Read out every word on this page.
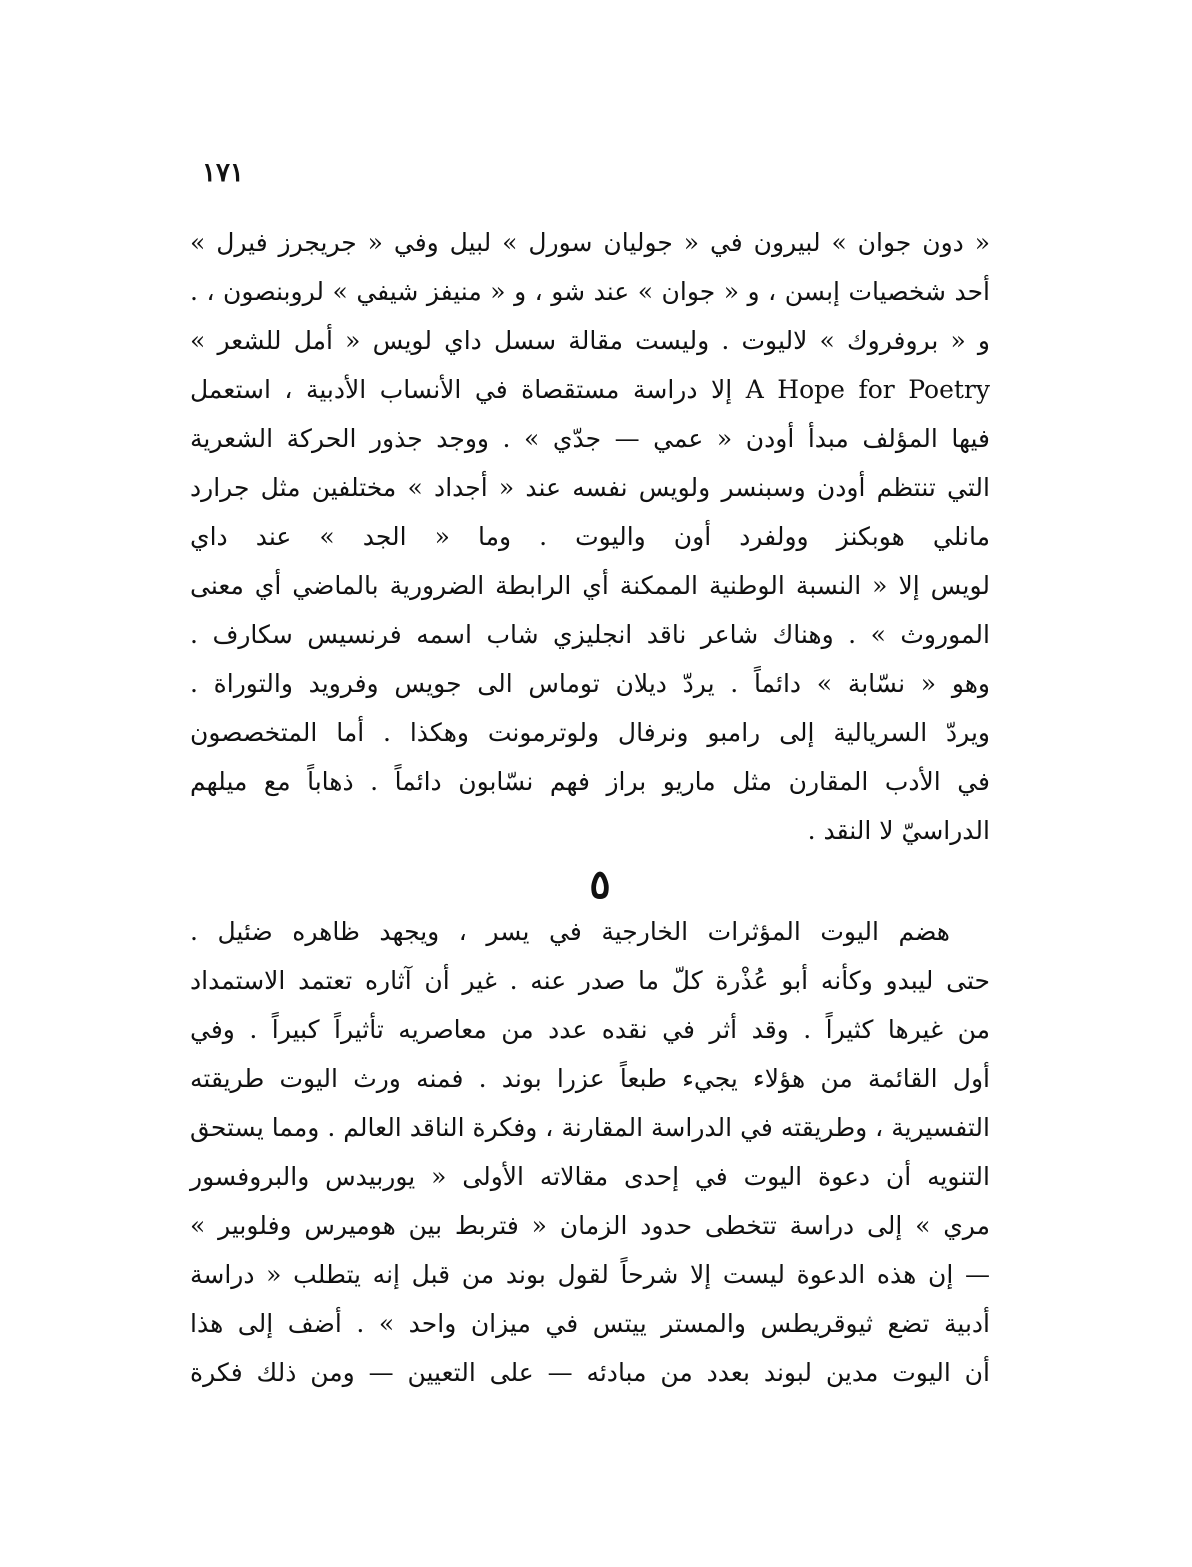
١٧١
« دون جوان » لبيرون في « جوليان سورل » لبيل وفي « جريجرز فيرل »
أحد شخصيات إبسن ، و « جوان » عند شو ، و « منيفز شيفي » لروبنصون ، .
و « بروفروك » لاليوت . وليست مقالة سسل داي لويس « أمل للشعر »
A Hope for Poetry إلا دراسة مستقصاة في الأنساب الأدبية ، استعمل
فيها المؤلف مبدأ أودن « عمي — جدّي » . ووجد جذور الحركة الشعرية
التي تنتظم أودن وسبنسر ولويس نفسه عند « أجداد » مختلفين مثل جرارد
مانلي هوبكنز وولفرد أون واليوت . وما « الجد » عند داي
لويس إلا « النسبة الوطنية الممكنة أي الرابطة الضرورية بالماضي أي معنى
الموروث » . وهناك شاعر ناقد انجليزي شاب اسمه فرنسيس سكارف .
وهو « نسّابة » دائماً . يردّ ديلان توماس الى جويس وفرويد والتوراة .
ويردّ السريالية إلى رامبو ونرفال ولوترمونت وهكذا . أما المتخصصون
في الأدب المقارن مثل ماريو براز فهم نسّابون دائماً . ذهاباً مع ميلهم
الدراسيّ لا النقد .
٥
هضم اليوت المؤثرات الخارجية في يسر ، ويجهد ظاهره ضئيل .
حتى ليبدو وكأنه أبو عُذْرة كلّ ما صدر عنه . غير أن آثاره تعتمد الاستمداد
من غيرها كثيراً . وقد أثر في نقده عدد من معاصريه تأثيراً كبيراً . وفي
أول القائمة من هؤلاء يجيء طبعاً عزرا بوند . فمنه ورث اليوت طريقته
التفسيرية ، وطريقته في الدراسة المقارنة ، وفكرة الناقد العالم . ومما يستحق
التنويه أن دعوة اليوت في إحدى مقالاته الأولى « يوربيدس والبروفسور
مري » إلى دراسة تتخطى حدود الزمان « فتربط بين هوميرس وفلوبير »
— إن هذه الدعوة ليست إلا شرحاً لقول بوند من قبل إنه يتطلب « دراسة
أدبية تضع ثيوقريطس والمستر ييتس في ميزان واحد » . أضف إلى هذا
أن اليوت مدين لبوند بعدد من مبادئه — على التعيين — ومن ذلك فكرة
